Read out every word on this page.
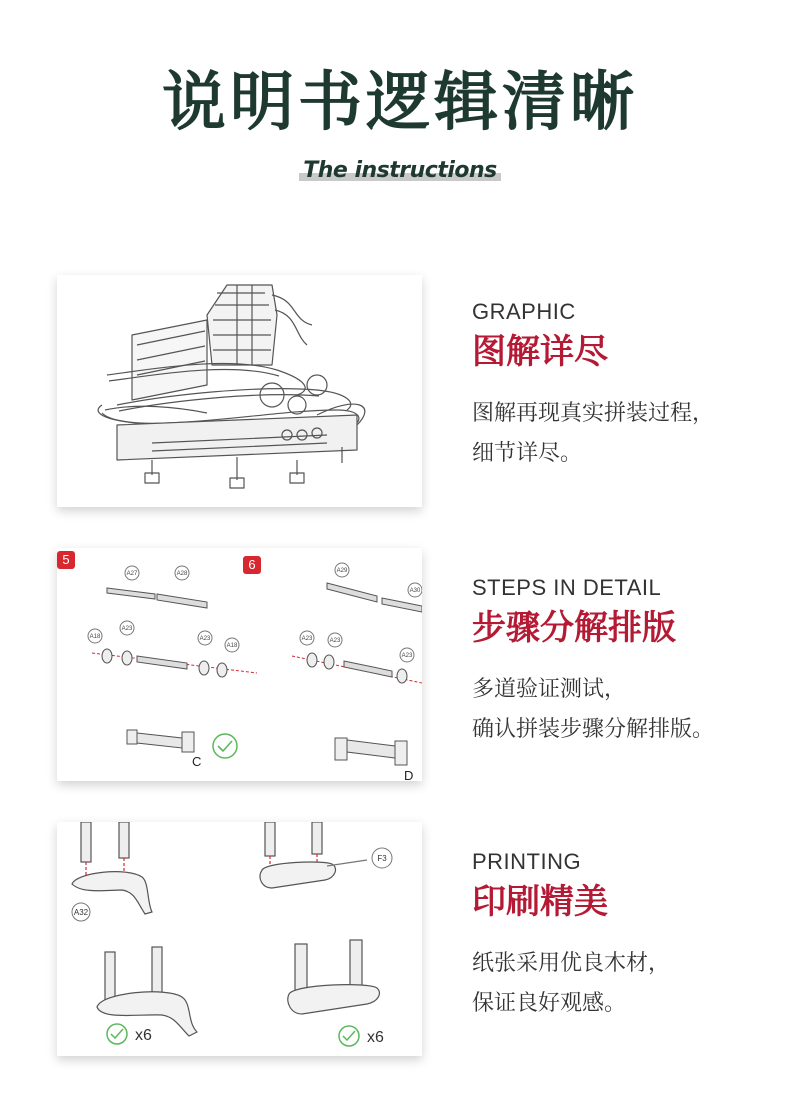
说明书逻辑清晰
The instructions
GRAPHIC
图解详尽
图解再现真实拼装过程，
细节详尽。
5	6
A27	A28
A18
A23
A23
A18
A29
A30
A23	A23
A23
C
D
STEPS IN DETAIL
步骤分解排版
多道验证测试，
确认拼装步骤分解排版。
A32
F3
x6	x6
PRINTING
印刷精美
纸张采用优良木材，
保证良好观感。
